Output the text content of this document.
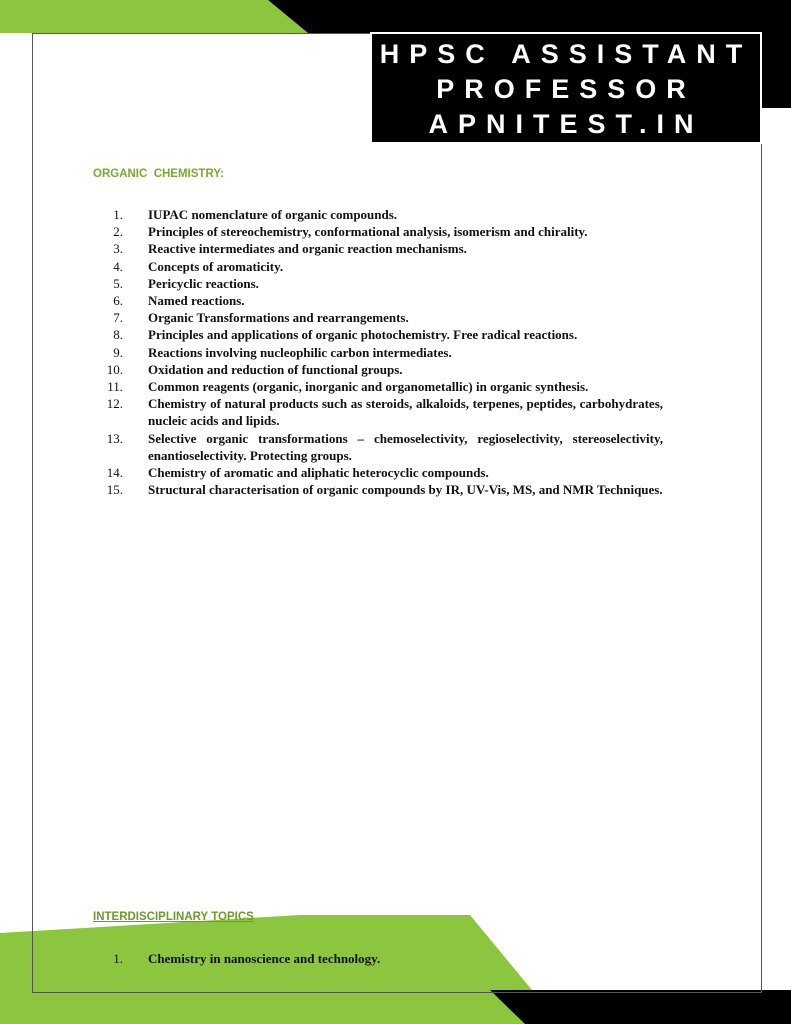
HPSC ASSISTANT
PROFESSOR
APNITEST.IN
ORGANIC  CHEMISTRY:
1. IUPAC nomenclature of organic compounds.
2. Principles of stereochemistry, conformational analysis, isomerism and chirality.
3. Reactive intermediates and organic reaction mechanisms.
4. Concepts of aromaticity.
5. Pericyclic reactions.
6. Named reactions.
7. Organic Transformations and rearrangements.
8. Principles and applications of organic photochemistry. Free radical reactions.
9. Reactions involving nucleophilic carbon intermediates.
10. Oxidation and reduction of functional groups.
11. Common reagents (organic, inorganic and organometallic) in organic synthesis.
12. Chemistry of natural products such as steroids, alkaloids, terpenes, peptides, carbohydrates, nucleic acids and lipids.
13. Selective organic transformations – chemoselectivity, regioselectivity, stereoselectivity, enantioselectivity. Protecting groups.
14. Chemistry of aromatic and aliphatic heterocyclic compounds.
15. Structural characterisation of organic compounds by IR, UV-Vis, MS, and NMR Techniques.
INTERDISCIPLINARY TOPICS
1. Chemistry in nanoscience and technology.
